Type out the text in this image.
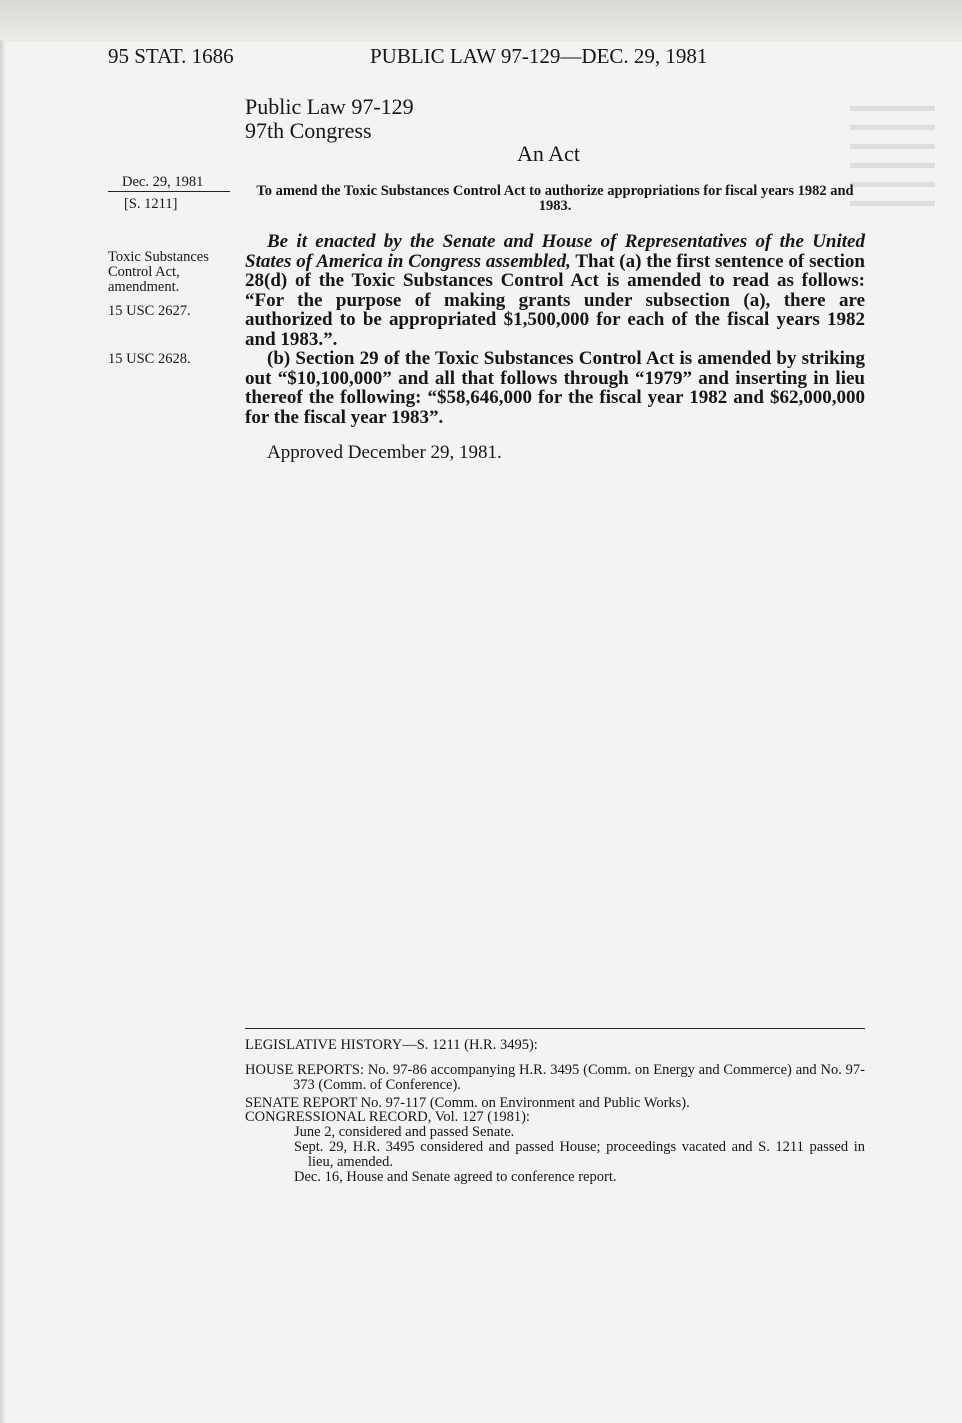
▬▬▬▬▬
▬▬▬▬▬
▬▬▬▬▬
▬▬▬▬▬
▬▬▬▬▬
▬▬▬▬▬
95 STAT. 1686	PUBLIC LAW 97-129—DEC. 29, 1981
Public Law 97-129
97th Congress
An Act
Dec. 29, 1981
[S. 1211]
Toxic Substances Control Act, amendment.
15 USC 2627.
15 USC 2628.
To amend the Toxic Substances Control Act to authorize appropriations for fiscal years 1982 and 1983.
Be it enacted by the Senate and House of Representatives of the United States of America in Congress assembled, That (a) the first sentence of section 28(d) of the Toxic Substances Control Act is amended to read as follows: “For the purpose of making grants under subsection (a), there are authorized to be appropriated $1,500,000 for each of the fiscal years 1982 and 1983.”.
(b) Section 29 of the Toxic Substances Control Act is amended by striking out “$10,100,000” and all that follows through “1979” and inserting in lieu thereof the following: “$58,646,000 for the fiscal year 1982 and $62,000,000 for the fiscal year 1983”.
Approved December 29, 1981.
LEGISLATIVE HISTORY—S. 1211 (H.R. 3495):
HOUSE REPORTS: No. 97-86 accompanying H.R. 3495 (Comm. on Energy and Commerce) and No. 97-373 (Comm. of Conference).
SENATE REPORT No. 97-117 (Comm. on Environment and Public Works).
CONGRESSIONAL RECORD, Vol. 127 (1981):
June 2, considered and passed Senate.
Sept. 29, H.R. 3495 considered and passed House; proceedings vacated and S. 1211 passed in lieu, amended.
Dec. 16, House and Senate agreed to conference report.
